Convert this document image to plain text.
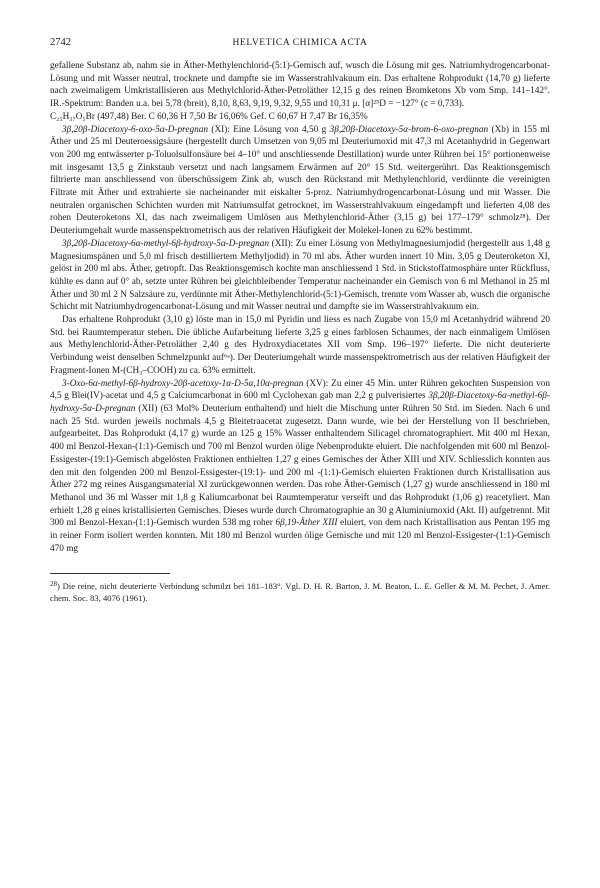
2742	HELVETICA CHIMICA ACTA

gefallene Substanz ab, nahm sie in Äther-Methylenchlorid-(5:1)-Gemisch auf, wusch die Lösung mit ges. Natriumhydrogencarbonat-Lösung und mit Wasser neutral, trocknete und dampfte sie im Wasserstrahlvakuum ein. Das erhaltene Rohprodukt (14,70 g) lieferte nach zweimaligem Umkristallisieren aus Methylchlorid-Äther-Petroläther 12,15 g des reinen Bromketons Xb vom Smp. 141–142°. IR.-Spektrum: Banden u.a. bei 5,78 (breit), 8,10, 8,63, 9,19, 9,32, 9,55 und 10,31 μ. [α]²⁵D = −127° (c = 0,733).

C₂₅H₃₇O₅Br (497,48) Ber. C 60,36 H 7,50 Br 16,06% Gef. C 60,67 H 7,47 Br 16,35%

3β,20β-Diacetoxy-6-oxo-5α-D-pregnan (XI): Eine Lösung von 4,50 g 3β,20β-Diacetoxy-5α-brom-6-oxo-pregnan (Xb) in 155 ml Äther und 25 ml Deuteroessigsäure (hergestellt durch Umsetzen von 9,05 ml Deuteriumoxid mit 47,3 ml Acetanhydrid in Gegenwart von 200 mg entwässerter p-Toluolsulfonsäure bei 4–10° und anschliessende Destillation) wurde unter Rühren bei 15° portionenweise mit insgesamt 13,5 g Zinkstaub versetzt und nach langsamem Erwärmen auf 20° 15 Std. weitergerührt. Das Reaktionsgemisch filtrierte man anschliessend von überschüssigem Zink ab, wusch den Rückstand mit Methylenchlorid, verdünnte die vereinigten Filtrate mit Äther und extrahierte sie nacheinander mit eiskalter 5-proz. Natriumhydrogencarbonat-Lösung und mit Wasser. Die neutralen organischen Schichten wurden mit Natriumsulfat getrocknet, im Wasserstrahlvakuum eingedampft und lieferten 4,08 des rohen Deuteroketons XI, das nach zweimaligem Umlösen aus Methylenchlorid-Äther (3,15 g) bei 177–179° schmolz²⁸). Der Deuteriumgehalt wurde massenspektrometrisch aus der relativen Häufigkeit der Molekel-Ionen zu 62% bestimmt.

3β,20β-Diacetoxy-6α-methyl-6β-hydroxy-5α-D-pregnan (XII): Zu einer Lösung von Methylmagnesiumjodid (hergestellt aus 1,48 g Magnesiumspänen und 5,0 ml frisch destilliertem Methyljodid) in 70 ml abs. Äther wurden innert 10 Min. 3,05 g Deuteroketon XI, gelöst in 200 ml abs. Äther, getropft. Das Reaktionsgemisch kochte man anschliessend 1 Std. in Stickstoffatmosphäre unter Rückfluss, kühlte es dann auf 0° ab, setzte unter Rühren bei gleichbleibender Temperatur nacheinander ein Gemisch von 6 ml Methanol in 25 ml Äther und 30 ml 2 N Salzsäure zu, verdünnte mit Äther-Methylenchlorid-(5:1)-Gemisch, trennte vom Wasser ab, wusch die organische Schicht mit Natriumhydrogencarbonat-Lösung und mit Wasser neutral und dampfte sie im Wasserstrahlvakuum ein.

Das erhaltene Rohprodukt (3,10 g) löste man in 15,0 ml Pyridin und liess es nach Zugabe von 15,0 ml Acetanhydrid während 20 Std. bei Raumtemperatur stehen. Die übliche Aufarbeitung lieferte 3,25 g eines farblosen Schaumes, der nach einmaligem Umlösen aus Methylenchlorid-Äther-Petroläther 2,40 g des Hydroxydiacetates XII vom Smp. 196–197° lieferte. Die nicht deuterierte Verbindung weist denselben Schmelzpunkt auf⁶ᵃ). Der Deuteriumgehalt wurde massenspektrometrisch aus der relativen Häufigkeit der Fragment-Ionen M-(CH₃–COOH) zu ca. 63% ermittelt.

3-Oxo-6α-methyl-6β-hydroxy-20β-acetoxy-1α-D-5α,10α-pregnan (XV): Zu einer 45 Min. unter Rühren gekochten Suspension von 4,5 g Blei(IV)-acetat und 4,5 g Calciumcarbonat in 600 ml Cyclohexan gab man 2,2 g pulverisiertes 3β,20β-Diacetoxy-6α-methyl-6β-hydroxy-5α-D-pregnan (XII) (63 Mol% Deuterium enthaltend) und hielt die Mischung unter Rühren 50 Std. im Sieden. Nach 6 und nach 25 Std. wurden jeweils nochmals 4,5 g Bleitetraacetat zugesetzt. Dann wurde, wie bei der Herstellung von II beschrieben, aufgearbeitet. Das Rohprodukt (4,17 g) wurde an 125 g 15% Wasser enthaltendem Silicagel chromatographiert. Mit 400 ml Hexan, 400 ml Benzol-Hexan-(1:1)-Gemisch und 700 ml Benzol wurden ölige Nebenprodukte eluiert. Die nachfolgenden mit 600 ml Benzol-Essigester-(19:1)-Gemisch abgelösten Fraktionen enthielten 1,27 g eines Gemisches der Äther XIII und XIV. Schliesslich konnten aus den mit den folgenden 200 ml Benzol-Essigester-(19:1)- und 200 ml -(1:1)-Gemisch eluierten Fraktionen durch Kristallisation aus Äther 272 mg reines Ausgangsmaterial XI zurückgewonnen werden. Das rohe Äther-Gemisch (1,27 g) wurde anschliessend in 180 ml Methanol und 36 ml Wasser mit 1,8 g Kaliumcarbonat bei Raumtemperatur verseift und das Rohprodukt (1,06 g) reacetyliert. Man erhielt 1,28 g eines kristallisierten Gemisches. Dieses wurde durch Chromatographie an 30 g Aluminiumoxid (Akt. II) aufgetrennt. Mit 300 ml Benzol-Hexan-(1:1)-Gemisch wurden 538 mg roher 6β,19-Äther XIII eluiert, von dem nach Kristallisation aus Pentan 195 mg in reiner Form isoliert werden konnten. Mit 180 ml Benzol wurden ölige Gemische und mit 120 ml Benzol-Essigester-(1:1)-Gemisch 470 mg

$^{28}$) Die reine, nicht deuterierte Verbindung schmilzt bei 181–183°. Vgl. D. H. R. Barton, J. M. Beaton, L. E. Geller & M. M. Pechet, J. Amer. chem. Soc. 83, 4076 (1961).
